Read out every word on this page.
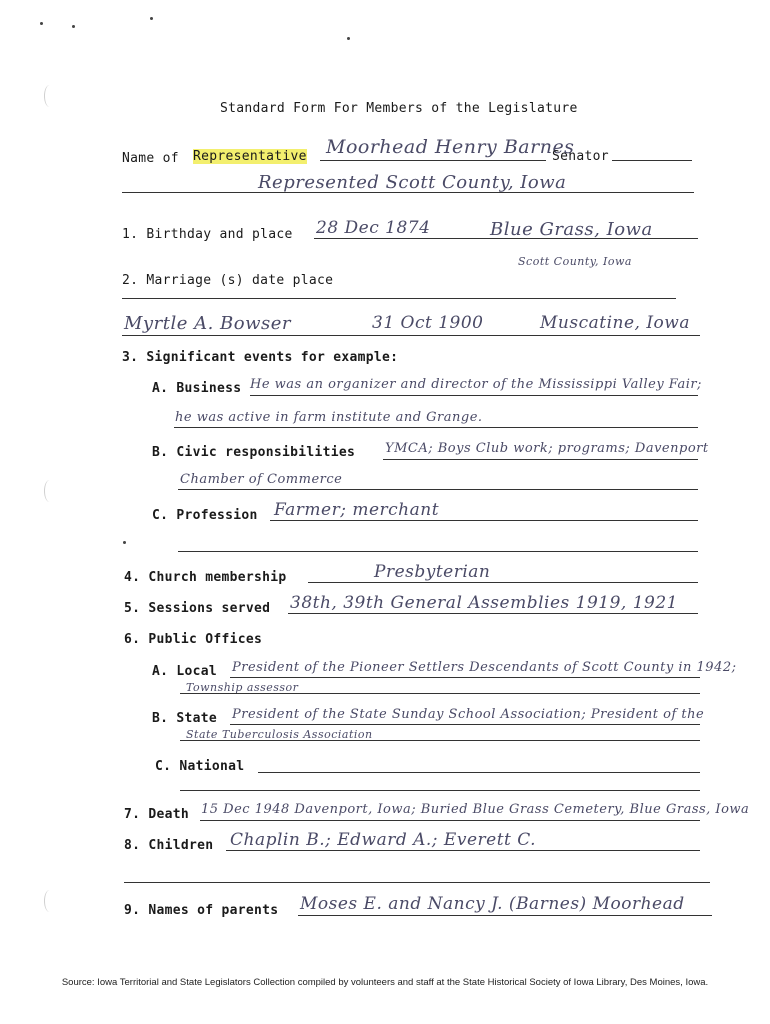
Standard Form For Members of the Legislature
Name of Representative Moorhead Henry Barnes
Senator
Represented Scott County, Iowa
1. Birthday and place 28 Dec 1874	Blue Grass, Iowa
Scott County, Iowa
2. Marriage (s) date place
Myrtle A. Bowser	31 Oct 1900	Muscatine, Iowa
3. Significant events for example:
A. Business He was an organizer and director of the Mississippi Valley Fair;
he was active in farm institute and Grange.
B. Civic responsibilities YMCA; Boys Club work; programs; Davenport
Chamber of Commerce
C. Profession Farmer; merchant
4. Church membership	Presbyterian
5. Sessions served 38th, 39th General Assemblies 1919, 1921
6. Public Offices
A. Local President of the Pioneer Settlers Descendants of Scott County in 1942;
Township assessor
B. State President of the State Sunday School Association; President of the
State Tuberculosis Association
C. National
7. Death 15 Dec 1948 Davenport, Iowa; Buried Blue Grass Cemetery, Blue Grass, Iowa
8. Children Chaplin B.; Edward A.; Everett C.
9. Names of parents Moses E. and Nancy J. (Barnes) Moorhead
Source: Iowa Territorial and State Legislators Collection compiled by volunteers and staff at the State Historical Society of Iowa Library, Des Moines, Iowa.
